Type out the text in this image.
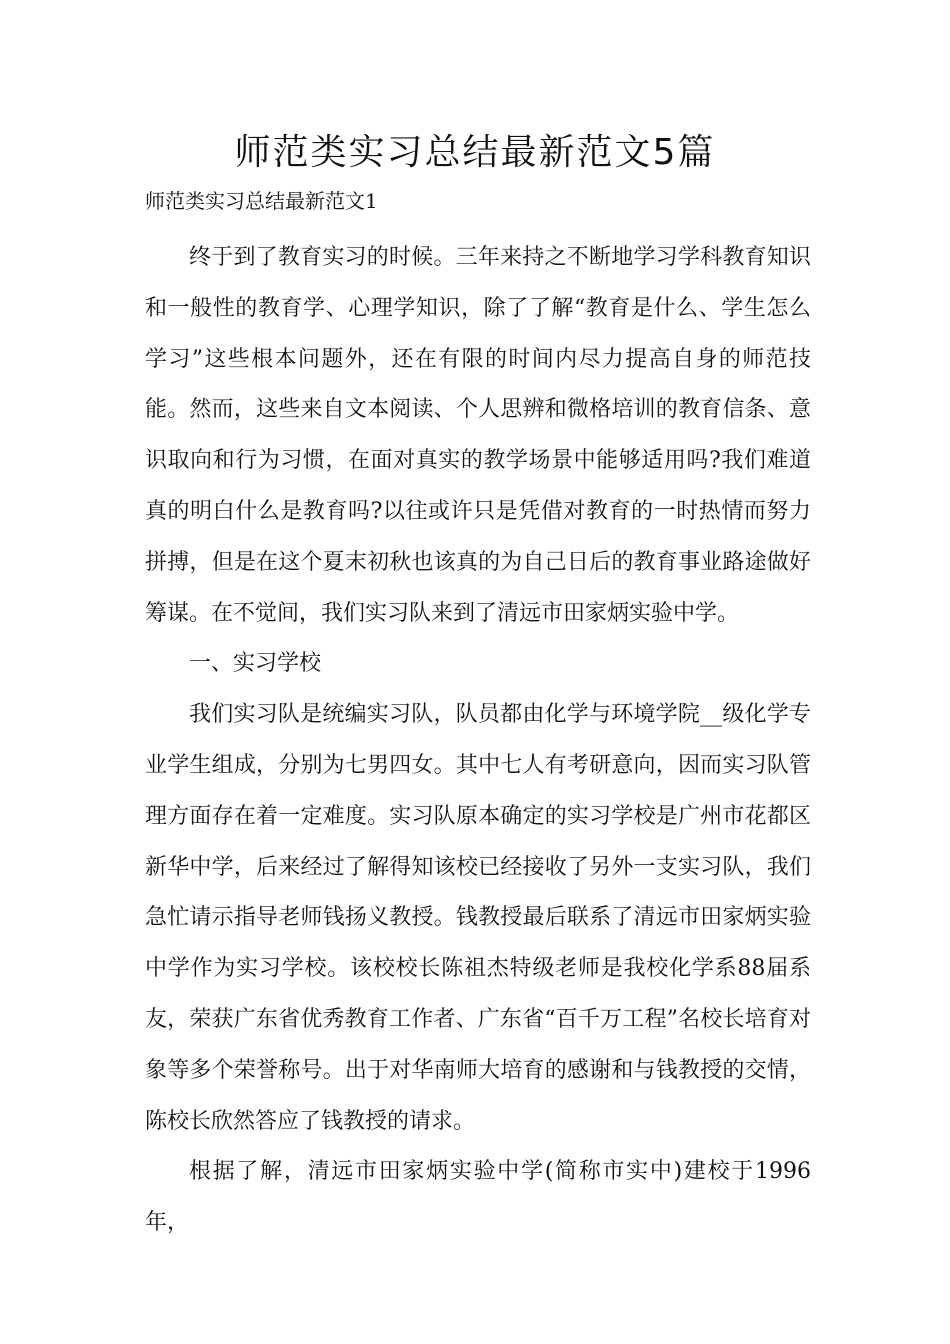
师范类实习总结最新范文5篇
师范类实习总结最新范文1

终于到了教育实习的时候。三年来持之不断地学习学科教育知识和一般性的教育学、心理学知识，除了了解“教育是什么、学生怎么学习”这些根本问题外，还在有限的时间内尽力提高自身的师范技能。然而，这些来自文本阅读、个人思辨和微格培训的教育信条、意识取向和行为习惯，在面对真实的教学场景中能够适用吗?我们难道真的明白什么是教育吗?以往或许只是凭借对教育的一时热情而努力拼搏，但是在这个夏末初秋也该真的为自己日后的教育事业路途做好筹谋。在不觉间，我们实习队来到了清远市田家炳实验中学。

一、实习学校

我们实习队是统编实习队，队员都由化学与环境学院__级化学专业学生组成，分别为七男四女。其中七人有考研意向，因而实习队管理方面存在着一定难度。实习队原本确定的实习学校是广州市花都区新华中学，后来经过了解得知该校已经接收了另外一支实习队，我们急忙请示指导老师钱扬义教授。钱教授最后联系了清远市田家炳实验中学作为实习学校。该校校长陈祖杰特级老师是我校化学系88届系友，荣获广东省优秀教育工作者、广东省“百千万工程”名校长培育对象等多个荣誉称号。出于对华南师大培育的感谢和与钱教授的交情，陈校长欣然答应了钱教授的请求。

根据了解，清远市田家炳实验中学(简称市实中)建校于1996年，
